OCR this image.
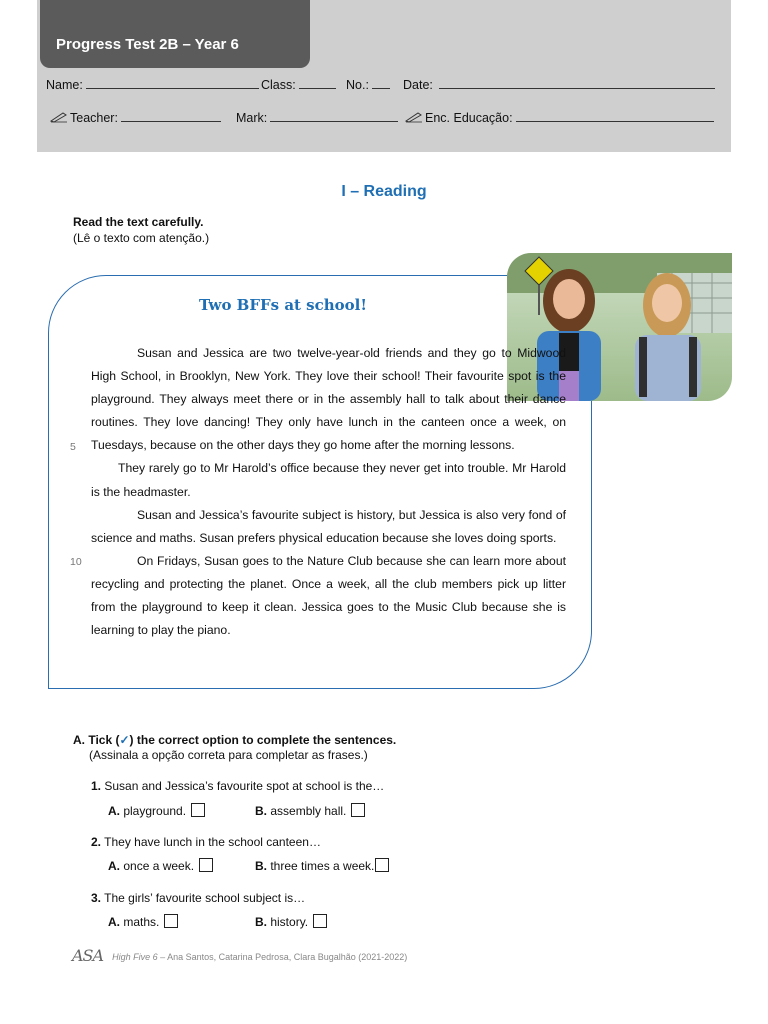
Progress Test 2B – Year 6
Name:	Class:	No.:	Date:
Teacher:	Mark:	Enc. Educação:
I – Reading
Read the text carefully.
(Lê o texto com atenção.)
Two BFFs at school!
5
10

Susan and Jessica are two twelve-year-old friends and they go to Midwood High School, in Brooklyn, New York. They love their school! Their favourite spot is the playground. They always meet there or in the assembly hall to talk about their dance routines. They love dancing! They only have lunch in the canteen once a week, on Tuesdays, because on the other days they go home after the morning lessons.

They rarely go to Mr Harold’s office because they never get into trouble. Mr Harold is the headmaster.

Susan and Jessica’s favourite subject is history, but Jessica is also very fond of science and maths. Susan prefers physical education because she loves doing sports.

On Fridays, Susan goes to the Nature Club because she can learn more about recycling and protecting the planet. Once a week, all the club members pick up litter from the playground to keep it clean. Jessica goes to the Music Club because she is learning to play the piano.

A. Tick (✓) the correct option to complete the sentences.
(Assinala a opção correta para completar as frases.)
1. Susan and Jessica’s favourite spot at school is the…
A. playground.	B. assembly hall.
2. They have lunch in the school canteen…
A. once a week.	B. three times a week.
3. The girls’ favourite school subject is…
A. maths.	B. history.
ASA High Five 6 – Ana Santos, Catarina Pedrosa, Clara Bugalhão (2021-2022)
